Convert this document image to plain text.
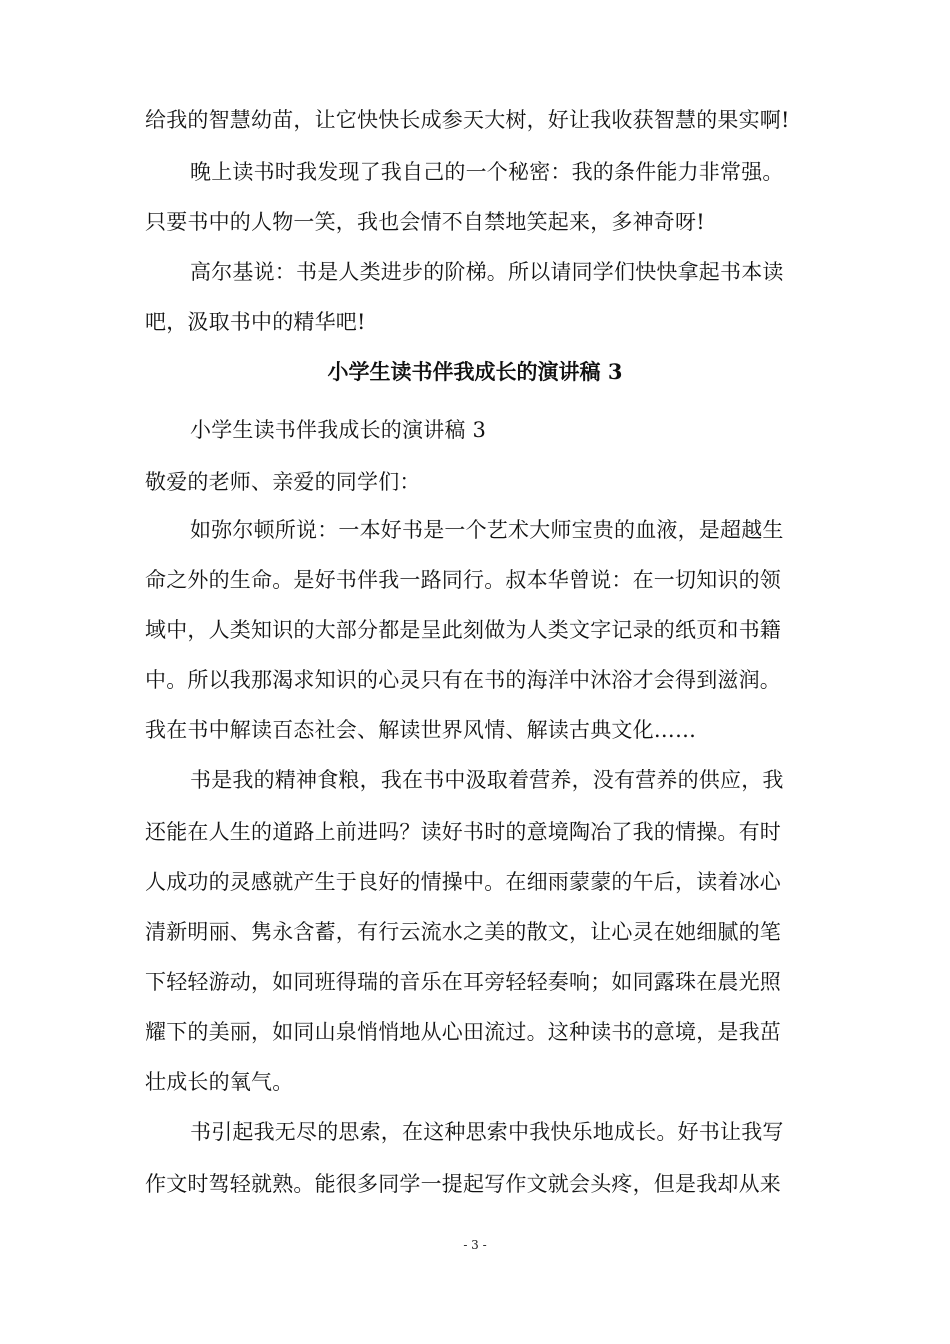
给我的智慧幼苗，让它快快长成参天大树，好让我收获智慧的果实啊!
晚上读书时我发现了我自己的一个秘密：我的条件能力非常强。
只要书中的人物一笑，我也会情不自禁地笑起来，多神奇呀!
高尔基说：书是人类进步的阶梯。所以请同学们快快拿起书本读
吧，汲取书中的精华吧!
小学生读书伴我成长的演讲稿 3
小学生读书伴我成长的演讲稿 3
敬爱的老师、亲爱的同学们：
如弥尔顿所说：一本好书是一个艺术大师宝贵的血液，是超越生
命之外的生命。是好书伴我一路同行。叔本华曾说：在一切知识的领
域中，人类知识的大部分都是呈此刻做为人类文字记录的纸页和书籍
中。所以我那渴求知识的心灵只有在书的海洋中沐浴才会得到滋润。
我在书中解读百态社会、解读世界风情、解读古典文化……
书是我的精神食粮，我在书中汲取着营养，没有营养的供应，我
还能在人生的道路上前进吗？读好书时的意境陶冶了我的情操。有时
人成功的灵感就产生于良好的情操中。在细雨蒙蒙的午后，读着冰心
清新明丽、隽永含蓄，有行云流水之美的散文，让心灵在她细腻的笔
下轻轻游动，如同班得瑞的音乐在耳旁轻轻奏响；如同露珠在晨光照
耀下的美丽，如同山泉悄悄地从心田流过。这种读书的意境，是我茁
壮成长的氧气。
书引起我无尽的思索，在这种思索中我快乐地成长。好书让我写
作文时驾轻就熟。能很多同学一提起写作文就会头疼，但是我却从来
- 3 -
